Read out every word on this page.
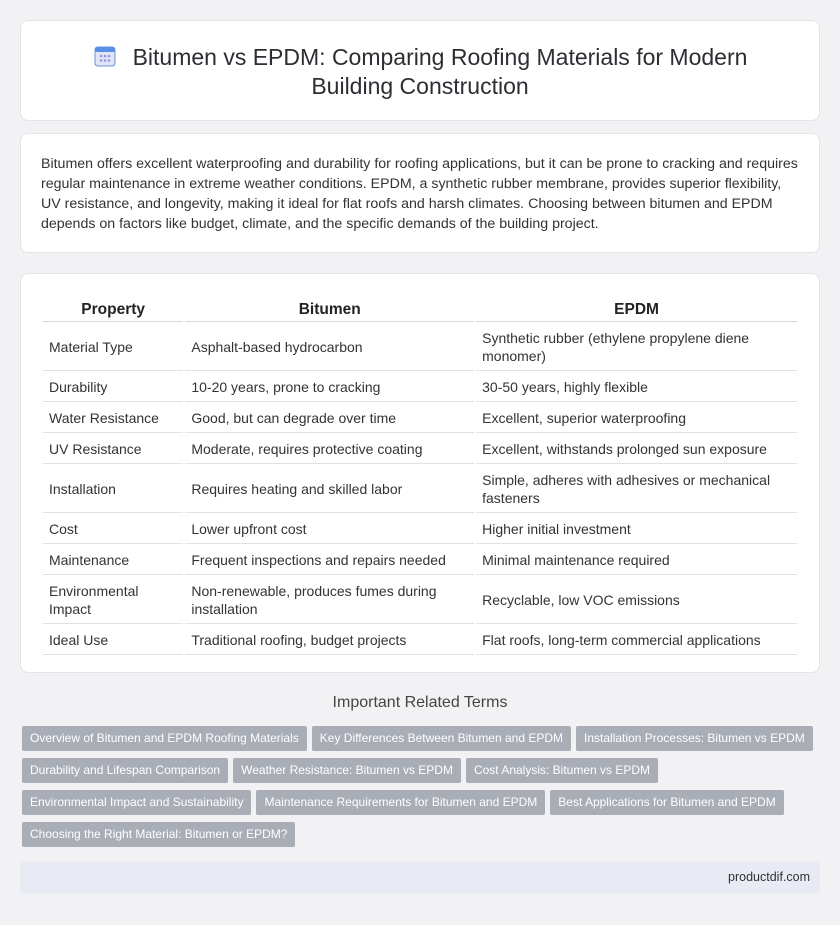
Bitumen vs EPDM: Comparing Roofing Materials for Modern Building Construction

Bitumen offers excellent waterproofing and durability for roofing applications, but it can be prone to cracking and requires regular maintenance in extreme weather conditions. EPDM, a synthetic rubber membrane, provides superior flexibility, UV resistance, and longevity, making it ideal for flat roofs and harsh climates. Choosing between bitumen and EPDM depends on factors like budget, climate, and the specific demands of the building project.

Property	Bitumen	EPDM
Material Type	Asphalt-based hydrocarbon	Synthetic rubber (ethylene propylene diene monomer)
Durability	10-20 years, prone to cracking	30-50 years, highly flexible
Water Resistance	Good, but can degrade over time	Excellent, superior waterproofing
UV Resistance	Moderate, requires protective coating	Excellent, withstands prolonged sun exposure
Installation	Requires heating and skilled labor	Simple, adheres with adhesives or mechanical fasteners
Cost	Lower upfront cost	Higher initial investment
Maintenance	Frequent inspections and repairs needed	Minimal maintenance required
Environmental Impact	Non-renewable, produces fumes during installation	Recyclable, low VOC emissions
Ideal Use	Traditional roofing, budget projects	Flat roofs, long-term commercial applications
Important Related Terms
Overview of Bitumen and EPDM Roofing Materials Key Differences Between Bitumen and EPDM Installation Processes: Bitumen vs EPDM
Durability and Lifespan Comparison Weather Resistance: Bitumen vs EPDM Cost Analysis: Bitumen vs EPDM
Environmental Impact and Sustainability Maintenance Requirements for Bitumen and EPDM Best Applications for Bitumen and EPDM
Choosing the Right Material: Bitumen or EPDM?
productdif.com
